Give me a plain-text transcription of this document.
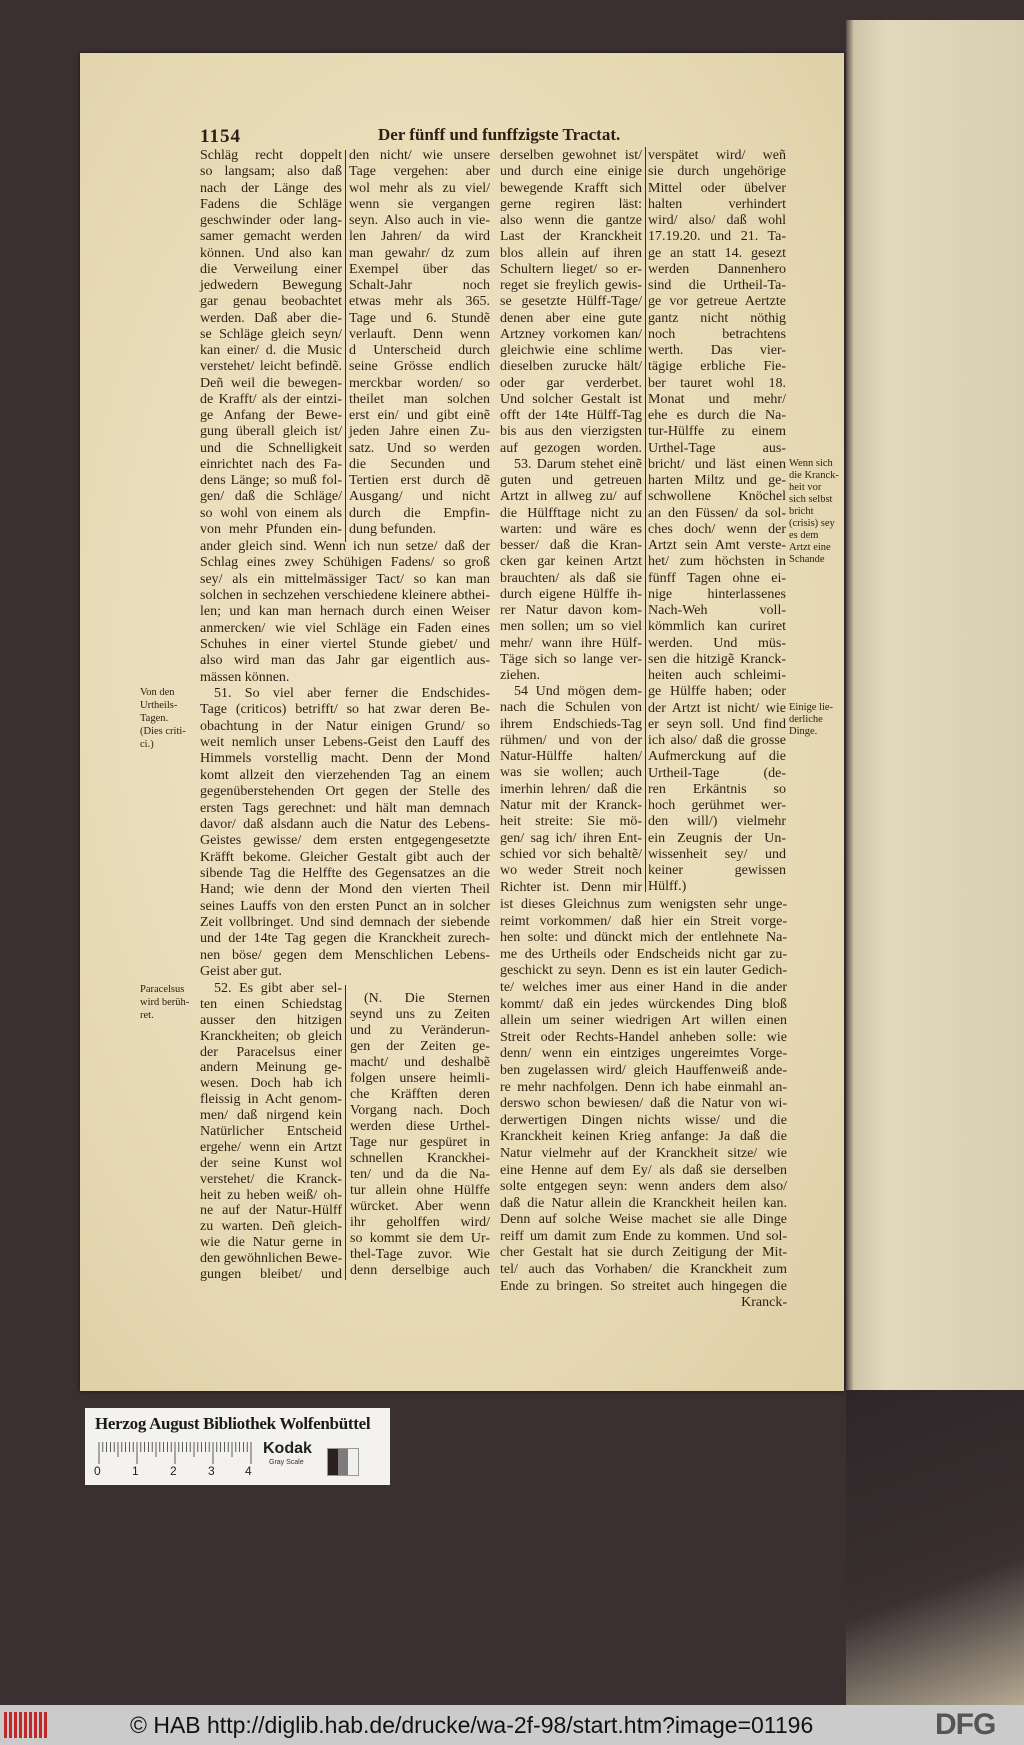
1154	Der fünff und funffzigste Tractat.
Schläg recht doppelt
so langsam; also daß
nach der Länge des
Fadens die Schläge
geschwinder oder lang-
samer gemacht werden
können. Und also kan
die Verweilung einer
jedwedern Bewegung
gar genau beobachtet
werden. Daß aber die-
se Schläge gleich seyn/
kan einer/ d. die Music
verstehet/ leicht befindẽ.
Deñ weil die bewegen-
de Krafft/ als der eintzi-
ge Anfang der Bewe-
gung überall gleich ist/
und die Schnelligkeit
einrichtet nach des Fa-
dens Länge; so muß fol-
gen/ daß die Schläge/
so wohl von einem als
von mehr Pfunden ein-
den nicht/ wie unsere
Tage vergehen: aber
wol mehr als zu viel/
wenn sie vergangen
seyn. Also auch in vie-
len Jahren/ da wird
man gewahr/ dz zum
Exempel über das
Schalt-Jahr noch
etwas mehr als 365.
Tage und 6. Stundẽ
verlauft. Denn wenn
d Unterscheid durch
seine Grösse endlich
merckbar worden/ so
theilet man solchen
erst ein/ und gibt einẽ
jeden Jahre einen Zu-
satz. Und so werden
die Secunden und
Tertien erst durch dẽ
Ausgang/ und nicht
durch die Empfin-
dung befunden.
ander gleich sind. Wenn ich nun setze/ daß der
Schlag eines zwey Schühigen Fadens/ so groß
sey/ als ein mittelmässiger Tact/ so kan man
solchen in sechzehen verschiedene kleinere abthei-
len; und kan man hernach durch einen Weiser
anmercken/ wie viel Schläge ein Faden eines
Schuhes in einer viertel Stunde giebet/ und
also wird man das Jahr gar eigentlich aus-
mässen können.
51. So viel aber ferner die Endschides-
Tage (criticos) betrifft/ so hat zwar deren Be-
obachtung in der Natur einigen Grund/ so
weit nemlich unser Lebens-Geist den Lauff des
Himmels vorstellig macht. Denn der Mond
komt allzeit den vierzehenden Tag an einem
gegenüberstehenden Ort gegen der Stelle des
ersten Tags gerechnet: und hält man demnach
davor/ daß alsdann auch die Natur des Lebens-
Geistes gewisse/ dem ersten entgegengesetzte
Kräfft bekome. Gleicher Gestalt gibt auch der
sibende Tag die Helffte des Gegensatzes an die
Hand; wie denn der Mond den vierten Theil
seines Lauffs von den ersten Punct an in solcher
Zeit vollbringet. Und sind demnach der siebende
und der 14te Tag gegen die Kranckheit zurech-
nen böse/ gegen dem Menschlichen Lebens-
Geist aber gut.
52. Es gibt aber sel-
ten einen Schiedstag
ausser den hitzigen
Kranckheiten; ob gleich
der Paracelsus einer
andern Meinung ge-
wesen. Doch hab ich
fleissig in Acht genom-
men/ daß nirgend kein
Natürlicher Entscheid
ergehe/ wenn ein Artzt
der seine Kunst wol
verstehet/ die Kranck-
heit zu heben weiß/ oh-
ne auf der Natur-Hülff
zu warten. Deñ gleich-
wie die Natur gerne in
den gewöhnlichen Bewe-
gungen bleibet/ und
(N. Die Sternen
seynd uns zu Zeiten
und zu Veränderun-
gen der Zeiten ge-
macht/ und deshalbẽ
folgen unsere heimli-
che Kräfften deren
Vorgang nach. Doch
werden diese Urthel-
Tage nur gespüret in
schnellen Kranckhei-
ten/ und da die Na-
tur allein ohne Hülffe
würcket. Aber wenn
ihr geholffen wird/
so kommt sie dem Ur-
thel-Tage zuvor. Wie
denn derselbige auch
derselben gewohnet ist/
und durch eine einige
bewegende Krafft sich
gerne regiren läst:
also wenn die gantze
Last der Kranckheit
blos allein auf ihren
Schultern lieget/ so er-
reget sie freylich gewis-
se gesetzte Hülff-Tage/
denen aber eine gute
Artzney vorkomen kan/
gleichwie eine schlime
dieselben zurucke hält/
oder gar verderbet.
Und solcher Gestalt ist
offt der 14te Hülff-Tag
bis aus den vierzigsten
auf gezogen worden.
53. Darum stehet einẽ
guten und getreuen
Artzt in allweg zu/ auf
die Hülfftage nicht zu
warten: und wäre es
besser/ daß die Kran-
cken gar keinen Artzt
brauchten/ als daß sie
durch eigene Hülffe ih-
rer Natur davon kom-
men sollen; um so viel
mehr/ wann ihre Hülf-
Täge sich so lange ver-
ziehen.
54 Und mögen dem-
nach die Schulen von
ihrem Endschieds-Tag
rühmen/ und von der
Natur-Hülffe halten/
was sie wollen; auch
imerhin lehren/ daß die
Natur mit der Kranck-
heit streite: Sie mö-
gen/ sag ich/ ihren Ent-
schied vor sich behaltẽ/
wo weder Streit noch
Richter ist. Denn mir
verspätet wird/ weñ
sie durch ungehörige
Mittel oder übelver
halten verhindert
wird/ also/ daß wohl
17.19.20. und 21. Ta-
ge an statt 14. gesezt
werden Dannenhero
sind die Urtheil-Ta-
ge vor getreue Aertzte
gantz nicht nöthig
noch betrachtens
werth. Das vier-
tägige erbliche Fie-
ber tauret wohl 18.
Monat und mehr/
ehe es durch die Na-
tur-Hülffe zu einem
Urthel-Tage aus-
bricht/ und läst einen
harten Miltz und ge-
schwollene Knöchel
an den Füssen/ da sol-
ches doch/ wenn der
Artzt sein Amt verste-
het/ zum höchsten in
fünff Tagen ohne ei-
nige hinterlassenes
Nach-Weh voll-
kömmlich kan curiret
werden. Und müs-
sen die hitzigẽ Kranck-
heiten auch schleimi-
ge Hülffe haben; oder
der Artzt ist nicht/ wie
er seyn soll. Und find
ich also/ daß die grosse
Aufmerckung auf die
Urtheil-Tage (de-
ren Erkäntnis so
hoch gerühmet wer-
den will/) vielmehr
ein Zeugnis der Un-
wissenheit sey/ und
keiner gewissen
Hülff.)
ist dieses Gleichnus zum wenigsten sehr unge-
reimt vorkommen/ daß hier ein Streit vorge-
hen solte: und dünckt mich der entlehnete Na-
me des Urtheils oder Endscheids nicht gar zu-
geschickt zu seyn. Denn es ist ein lauter Gedich-
te/ welches imer aus einer Hand in die ander
kommt/ daß ein jedes würckendes Ding bloß
allein um seiner wiedrigen Art willen einen
Streit oder Rechts-Handel anheben solle: wie
denn/ wenn ein eintziges ungereimtes Vorge-
ben zugelassen wird/ gleich Hauffenweiß ande-
re mehr nachfolgen. Denn ich habe einmahl an-
derswo schon bewiesen/ daß die Natur von wi-
derwertigen Dingen nichts wisse/ und die
Kranckheit keinen Krieg anfange: Ja daß die
Natur vielmehr auf der Kranckheit sitze/ wie
eine Henne auf dem Ey/ als daß sie derselben
solte entgegen seyn: wenn anders dem also/
daß die Natur allein die Kranckheit heilen kan.
Denn auf solche Weise machet sie alle Dinge
reiff um damit zum Ende zu kommen. Und sol-
cher Gestalt hat sie durch Zeitigung der Mit-
tel/ auch das Vorhaben/ die Kranckheit zum
Ende zu bringen. So streitet auch hingegen die
Kranck-
Von den
Urtheils-
Tagen.
(Dies criti-
ci.)
Paracelsus
wird berüh-
ret.
Wenn sich
die Kranck-
heit vor
sich selbst
bricht
(crisis) sey
es dem
Artzt eine
Schande
Einige lie-
derliche
Dinge.
Herzog August Bibliothek Wolfenbüttel
0	1	2	3	4
Kodak
Gray Scale
© HAB http://diglib.hab.de/drucke/wa-2f-98/start.htm?image=01196	DFG
